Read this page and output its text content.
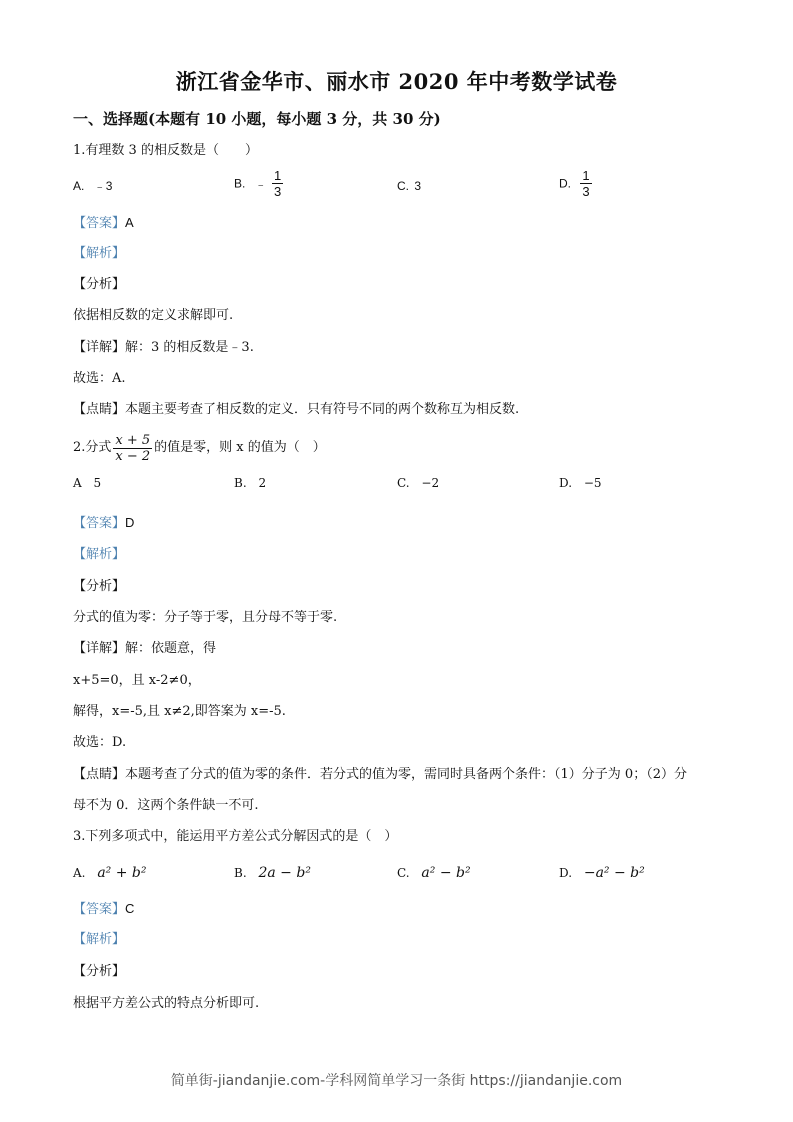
浙江省金华市、丽水市 2020 年中考数学试卷
一、选择题(本题有 10 小题，每小题 3 分，共 30 分)
1.有理数 3 的相反数是（　　）
A. ﹣3	B. ﹣ $\frac{1}{3}$	C. 3	D. $\frac{1}{3}$
【答案】A
【解析】
【分析】
依据相反数的定义求解即可.
【详解】解：3 的相反数是﹣3.
故选：A.
【点睛】本题主要考查了相反数的定义．只有符号不同的两个数称互为相反数.
2.分式 $\frac{x + 5}{x - 2}$ 的值是零，则 x 的值为（　）
A 5	B. 2	C. −2	D. −5
【答案】D
【解析】
【分析】
分式的值为零：分子等于零，且分母不等于零.
【详解】解：依题意，得
x+5=0，且 x-2≠0，
解得，x=-5,且 x≠2,即答案为 x=-5.
故选：D.
【点睛】本题考查了分式的值为零的条件．若分式的值为零，需同时具备两个条件：（1）分子为 0；（2）分
母不为 0．这两个条件缺一不可.
3.下列多项式中，能运用平方差公式分解因式的是（　）
A. a² + b²	B. 2a − b²	C. a² − b²	D. −a² − b²
【答案】C
【解析】
【分析】
根据平方差公式的特点分析即可.
简单街-jiandanjie.com-学科网简单学习一条街 https://jiandanjie.com
